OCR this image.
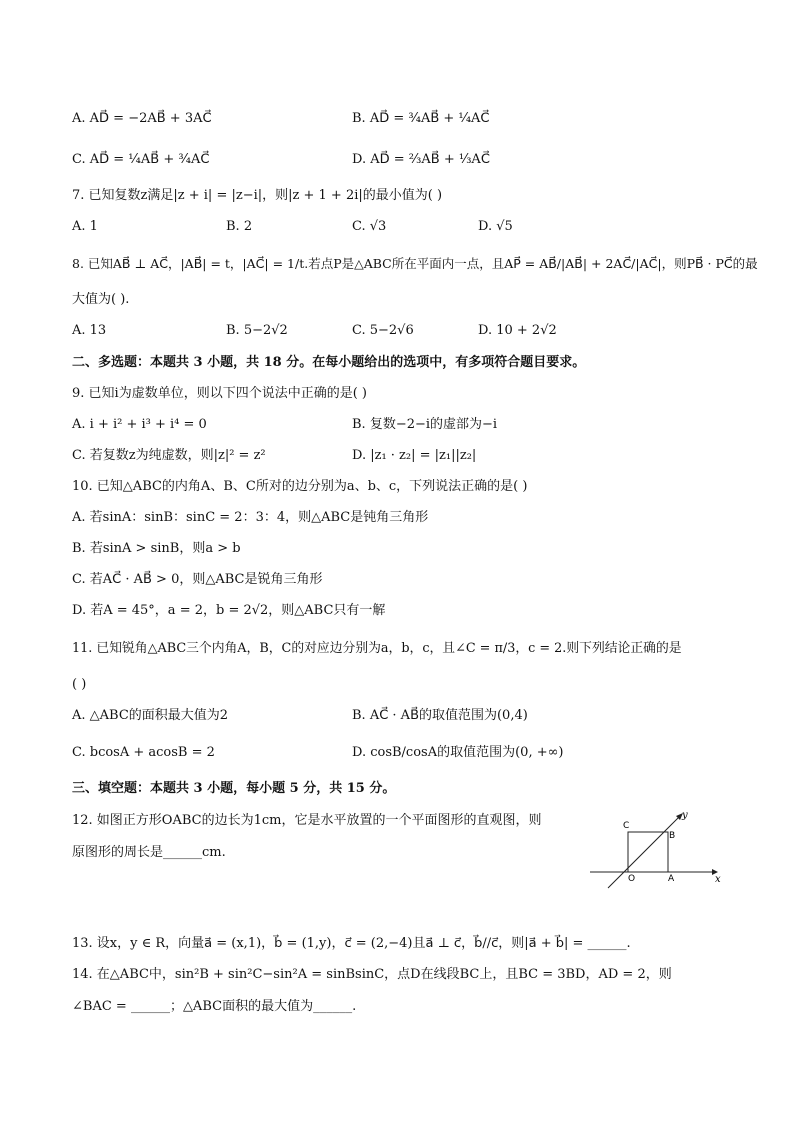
A. AD⃗ = −2AB⃗ + 3AC⃗	B. AD⃗ = ³⁄₄AB⃗ + ¹⁄₄AC⃗
C. AD⃗ = ¹⁄₄AB⃗ + ³⁄₄AC⃗	D. AD⃗ = ²⁄₃AB⃗ + ¹⁄₃AC⃗
7. 已知复数z满足|z + i| = |z−i|，则|z + 1 + 2i|的最小值为( )
A. 1	B. 2	C. √3	D. √5
8. 已知AB⃗ ⊥ AC⃗，|AB⃗| = t，|AC⃗| = 1/t.若点P是△ABC所在平面内一点，且AP⃗ = AB⃗/|AB⃗| + 2AC⃗/|AC⃗|，则PB⃗ · PC⃗的最
大值为( ).
A. 13	B. 5−2√2	C. 5−2√6	D. 10 + 2√2
二、多选题：本题共 3 小题，共 18 分。在每小题给出的选项中，有多项符合题目要求。
9. 已知i为虚数单位，则以下四个说法中正确的是( )
A. i + i² + i³ + i⁴ = 0	B. 复数−2−i的虚部为−i
C. 若复数z为纯虚数，则|z|² = z²	D. |z₁ · z₂| = |z₁||z₂|
10. 已知△ABC的内角A、B、C所对的边分别为a、b、c，下列说法正确的是( )
A. 若sinA：sinB：sinC = 2：3：4，则△ABC是钝角三角形
B. 若sinA > sinB，则a > b
C. 若AC⃗ · AB⃗ > 0，则△ABC是锐角三角形
D. 若A = 45°，a = 2，b = 2√2，则△ABC只有一解
11. 已知锐角△ABC三个内角A，B，C的对应边分别为a，b，c，且∠C = π/3，c = 2.则下列结论正确的是
( )
A. △ABC的面积最大值为2	B. AC⃗ · AB⃗的取值范围为(0,4)
C. bcosA + acosB = 2	D. cosB/cosA的取值范围为(0, +∞)
三、填空题：本题共 3 小题，每小题 5 分，共 15 分。
12. 如图正方形OABC的边长为1cm，它是水平放置的一个平面图形的直观图，则
原图形的周长是______cm.
C
B
O	A	x
y
13. 设x，y ∈ R，向量a⃗ = (x,1)，b⃗ = (1,y)，c⃗ = (2,−4)且a⃗ ⊥ c⃗，b⃗//c⃗，则|a⃗ + b⃗| = ______.
14. 在△ABC中，sin²B + sin²C−sin²A = sinBsinC，点D在线段BC上，且BC = 3BD，AD = 2，则
∠BAC = ______；△ABC面积的最大值为______.
